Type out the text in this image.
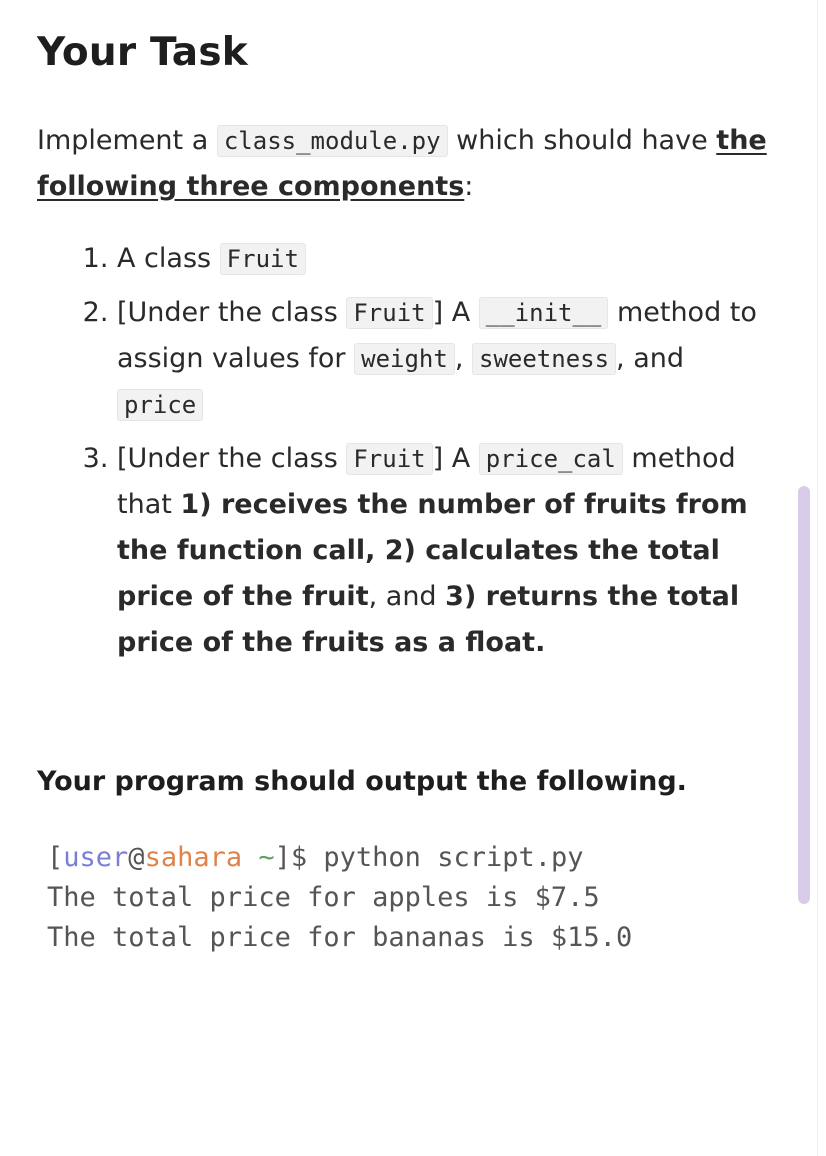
Your Task

Implement a class_module.py which should have the following three components:

1. A class Fruit
2. [Under the class Fruit ] A __init__ method to assign values for weight , sweetness , and price
3. [Under the class Fruit ] A price_cal method that 1) receives the number of fruits from the function call, 2) calculates the total price of the fruit, and 3) returns the total price of the fruits as a float.
Your program should output the following.
[user@sahara ~]$ python script.py
The total price for apples is $7.5
The total price for bananas is $15.0
